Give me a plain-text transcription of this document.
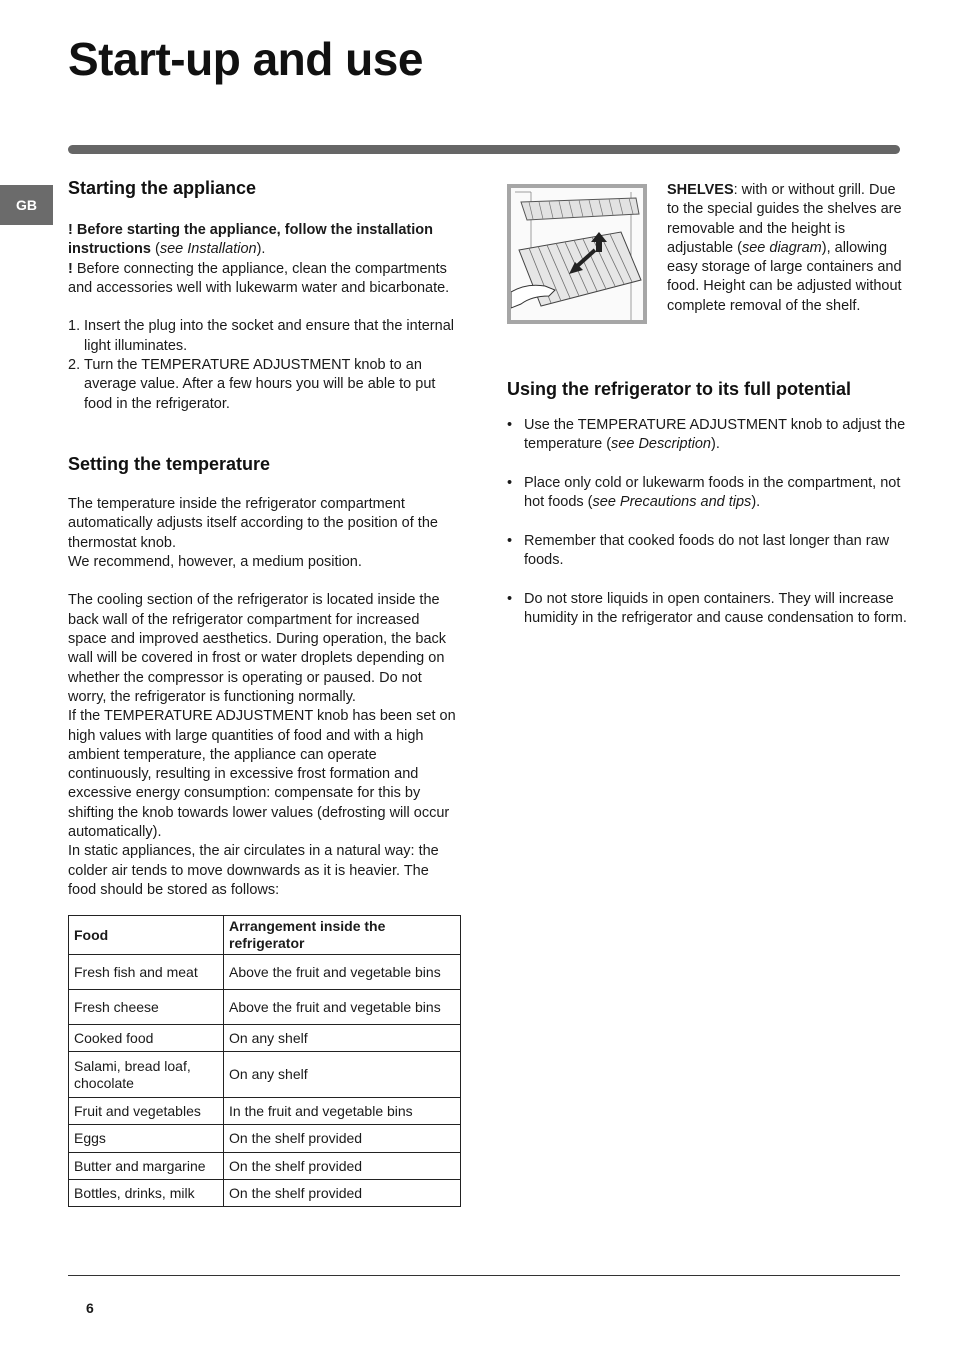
Start-up and use
GB
Starting the appliance

! Before starting the appliance, follow the installation instructions (see Installation).

! Before connecting the appliance, clean the compartments and accessories well with lukewarm water and bicarbonate.

1. Insert the plug into the socket and ensure that the internal light illuminates.
2. Turn the TEMPERATURE ADJUSTMENT knob to an average value. After a few hours you will be able to put food in the refrigerator.
Setting the temperature

The temperature inside the refrigerator compartment automatically adjusts itself according to the position of the thermostat knob.

We recommend, however, a medium position.

The cooling section of the refrigerator is located inside the back wall of the refrigerator compartment for increased space and improved aesthetics. During operation, the back wall will be covered in frost or water droplets depending on whether the compressor is operating or paused. Do not worry, the refrigerator is functioning normally.

If the TEMPERATURE ADJUSTMENT knob has been set on high values with large quantities of food and with a high ambient temperature, the appliance can operate continuously, resulting in excessive frost formation and excessive energy consumption: compensate for this by shifting the knob towards lower values (defrosting will occur automatically).

In static appliances, the air circulates in a natural way: the colder air tends to move downwards as it is heavier. The food should be stored as follows:

Food	Arrangement inside the refrigerator
Fresh fish and meat	Above the fruit and vegetable bins
Fresh cheese	Above the fruit and vegetable bins
Cooked food	On any shelf
Salami, bread loaf, chocolate	On any shelf
Fruit and vegetables	In the fruit and vegetable bins
Eggs	On the shelf provided
Butter and margarine	On the shelf provided
Bottles, drinks, milk	On the shelf provided

SHELVES: with or without grill. Due to the special guides the shelves are removable and the height is adjustable (see diagram), allowing easy storage of large containers and food. Height can be adjusted without complete removal of the shelf.

Using the refrigerator to its full potential
• Use the TEMPERATURE ADJUSTMENT knob to adjust the temperature (see Description).
• Place only cold or lukewarm foods in the compartment, not hot foods (see Precautions and tips).
• Remember that cooked foods do not last longer than raw foods.
• Do not store liquids in open containers. They will increase humidity in the refrigerator and cause condensation to form.
6
